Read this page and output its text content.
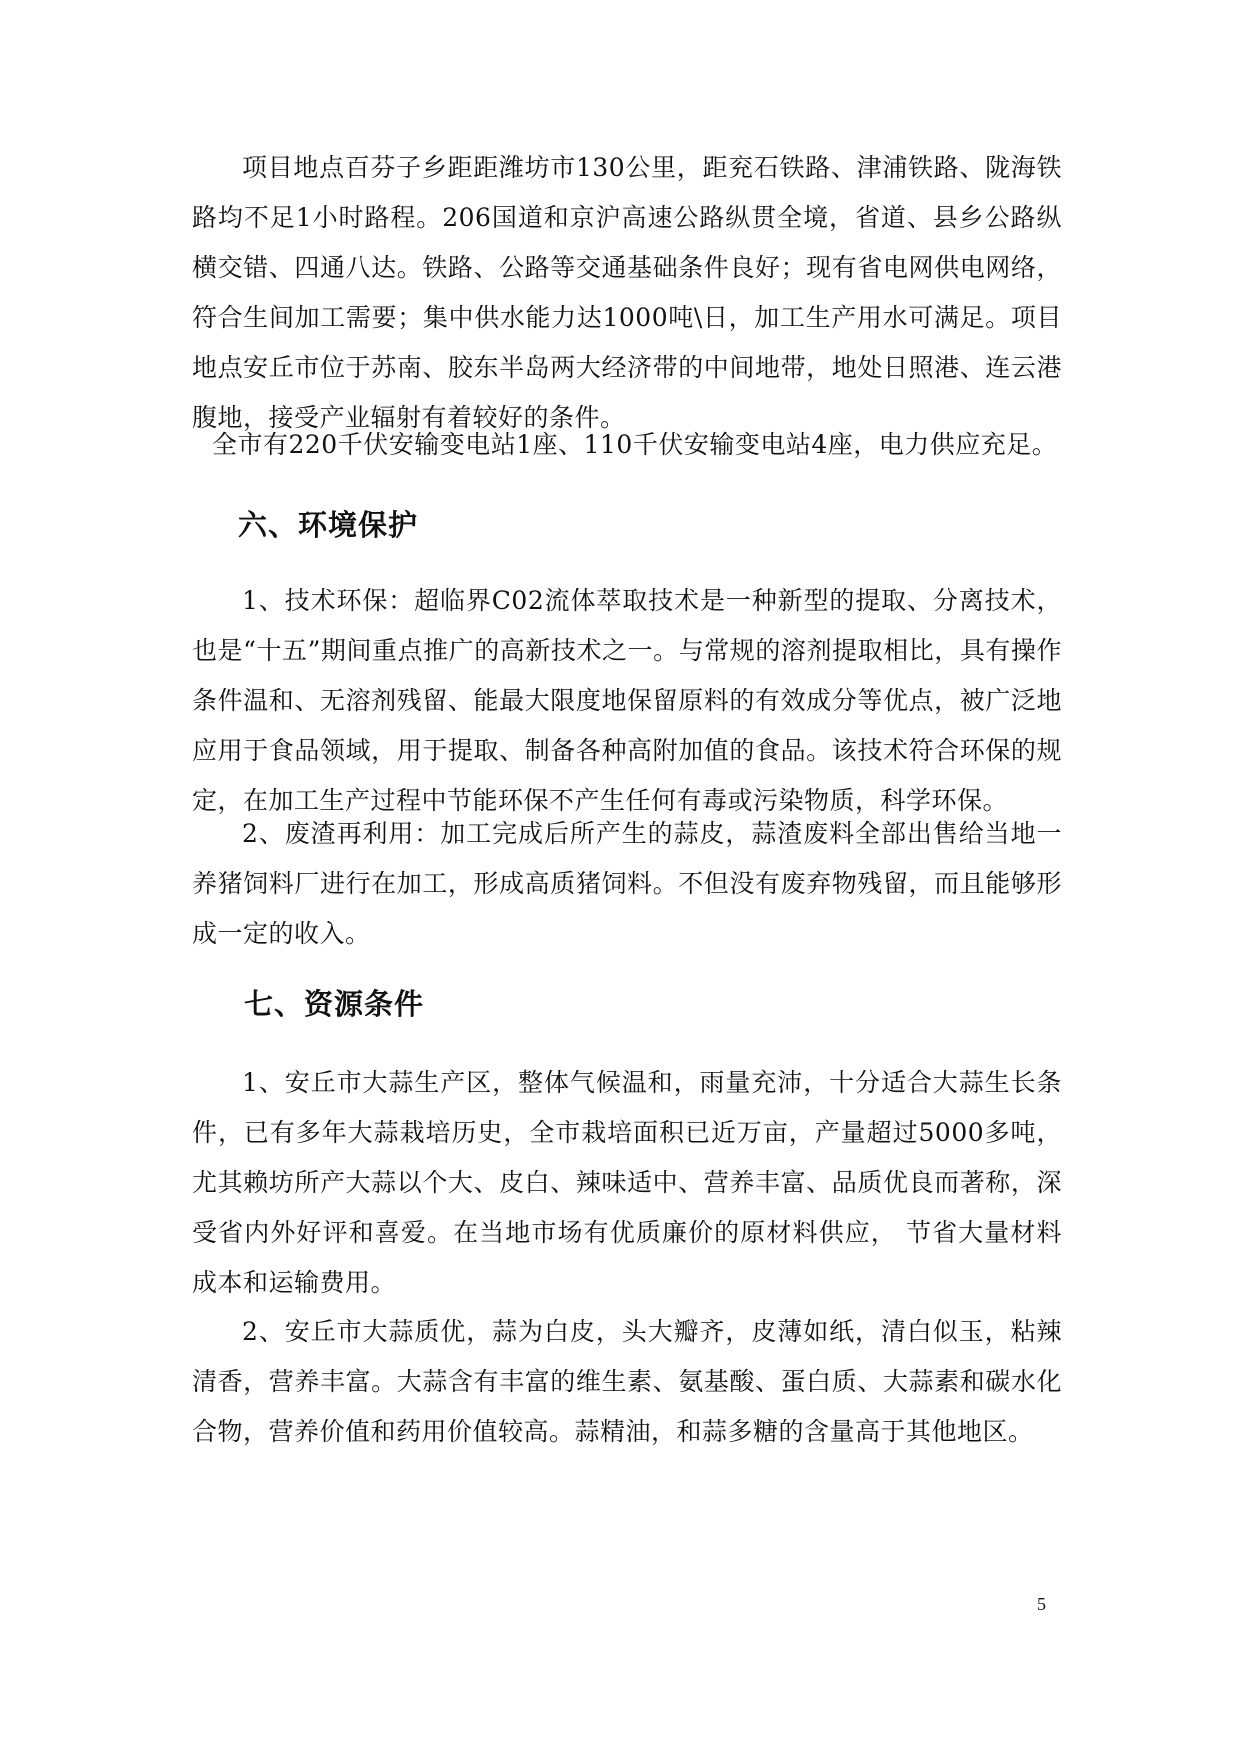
项目地点百芬子乡距距潍坊市130公里，距兖石铁路、津浦铁路、陇海铁路均不足1小时路程。206国道和京沪高速公路纵贯全境，省道、县乡公路纵横交错、四通八达。铁路、公路等交通基础条件良好；现有省电网供电网络，符合生间加工需要；集中供水能力达1000吨\日，加工生产用水可满足。项目地点安丘市位于苏南、胶东半岛两大经济带的中间地带，地处日照港、连云港腹地，接受产业辐射有着较好的条件。

全市有220千伏安输变电站1座、110千伏安输变电站4座，电力供应充足。

六、环境保护

1、技术环保：超临界C02流体萃取技术是一种新型的提取、分离技术，也是“十五”期间重点推广的高新技术之一。与常规的溶剂提取相比，具有操作条件温和、无溶剂残留、能最大限度地保留原料的有效成分等优点，被广泛地应用于食品领域，用于提取、制备各种高附加值的食品。该技术符合环保的规定，在加工生产过程中节能环保不产生任何有毒或污染物质，科学环保。

2、废渣再利用：加工完成后所产生的蒜皮，蒜渣废料全部出售给当地一养猪饲料厂进行在加工，形成高质猪饲料。不但没有废弃物残留，而且能够形成一定的收入。

七、资源条件

1、安丘市大蒜生产区，整体气候温和，雨量充沛，十分适合大蒜生长条件，已有多年大蒜栽培历史，全市栽培面积已近万亩，产量超过5000多吨，尤其赖坊所产大蒜以个大、皮白、辣味适中、营养丰富、品质优良而著称，深受省内外好评和喜爱。在当地市场有优质廉价的原材料供应， 节省大量材料成本和运输费用。

2、安丘市大蒜质优，蒜为白皮，头大瓣齐，皮薄如纸，清白似玉，粘辣清香，营养丰富。大蒜含有丰富的维生素、氨基酸、蛋白质、大蒜素和碳水化合物，营养价值和药用价值较高。蒜精油，和蒜多糖的含量高于其他地区。

5
